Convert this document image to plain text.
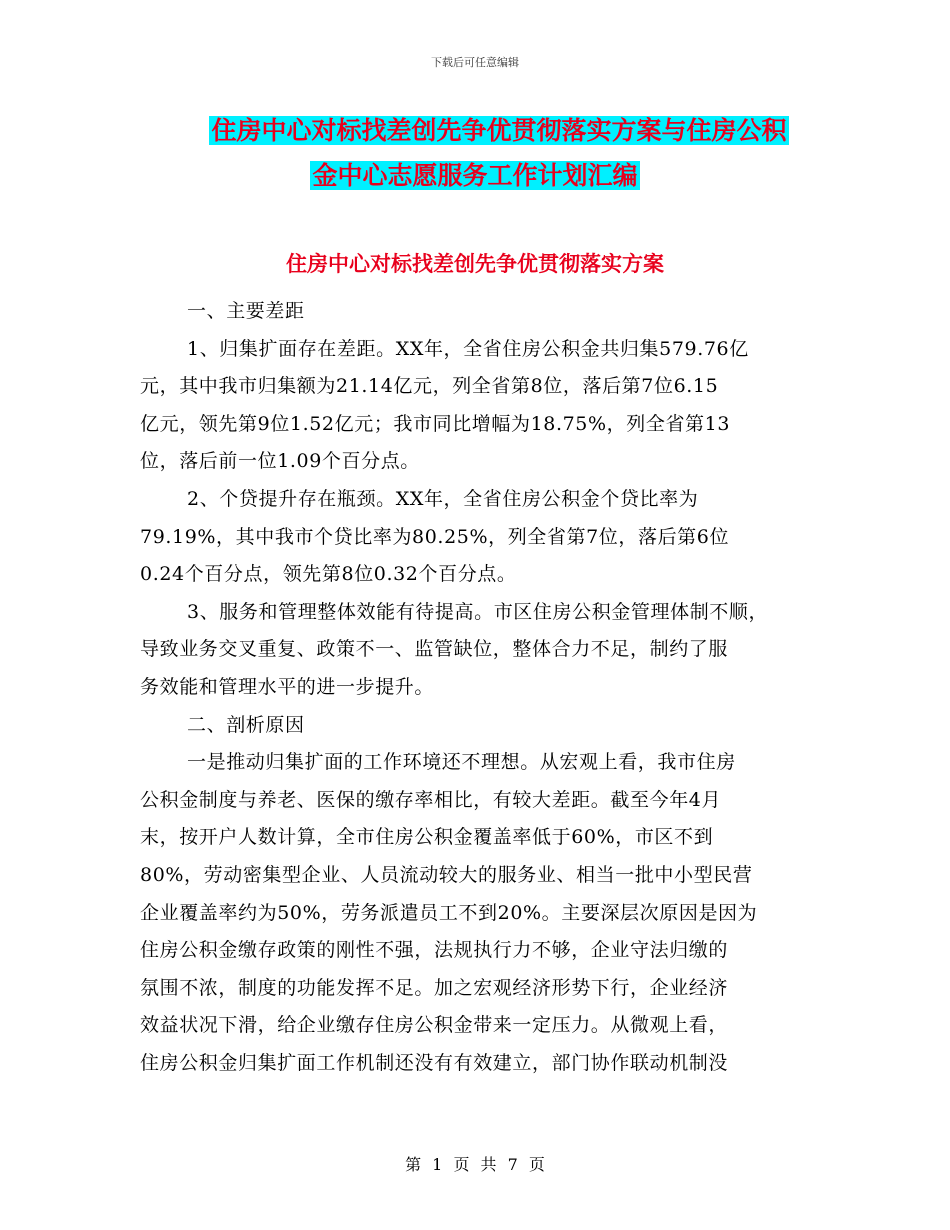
下载后可任意编辑
住房中心对标找差创先争优贯彻落实方案与住房公积
金中心志愿服务工作计划汇编
住房中心对标找差创先争优贯彻落实方案
一、主要差距
1、归集扩面存在差距。XX年，全省住房公积金共归集579.76亿
元，其中我市归集额为21.14亿元，列全省第8位，落后第7位6.15
亿元，领先第9位1.52亿元；我市同比增幅为18.75%，列全省第13
位，落后前一位1.09个百分点。
2、个贷提升存在瓶颈。XX年，全省住房公积金个贷比率为
79.19%，其中我市个贷比率为80.25%，列全省第7位，落后第6位
0.24个百分点，领先第8位0.32个百分点。
3、服务和管理整体效能有待提高。市区住房公积金管理体制不顺，
导致业务交叉重复、政策不一、监管缺位，整体合力不足，制约了服
务效能和管理水平的进一步提升。
二、剖析原因
一是推动归集扩面的工作环境还不理想。从宏观上看，我市住房
公积金制度与养老、医保的缴存率相比，有较大差距。截至今年4月
末，按开户人数计算，全市住房公积金覆盖率低于60%，市区不到
80%，劳动密集型企业、人员流动较大的服务业、相当一批中小型民营
企业覆盖率约为50%，劳务派遣员工不到20%。主要深层次原因是因为
住房公积金缴存政策的刚性不强，法规执行力不够，企业守法归缴的
氛围不浓，制度的功能发挥不足。加之宏观经济形势下行，企业经济
效益状况下滑，给企业缴存住房公积金带来一定压力。从微观上看，
住房公积金归集扩面工作机制还没有有效建立，部门协作联动机制没
第 1 页 共 7 页
